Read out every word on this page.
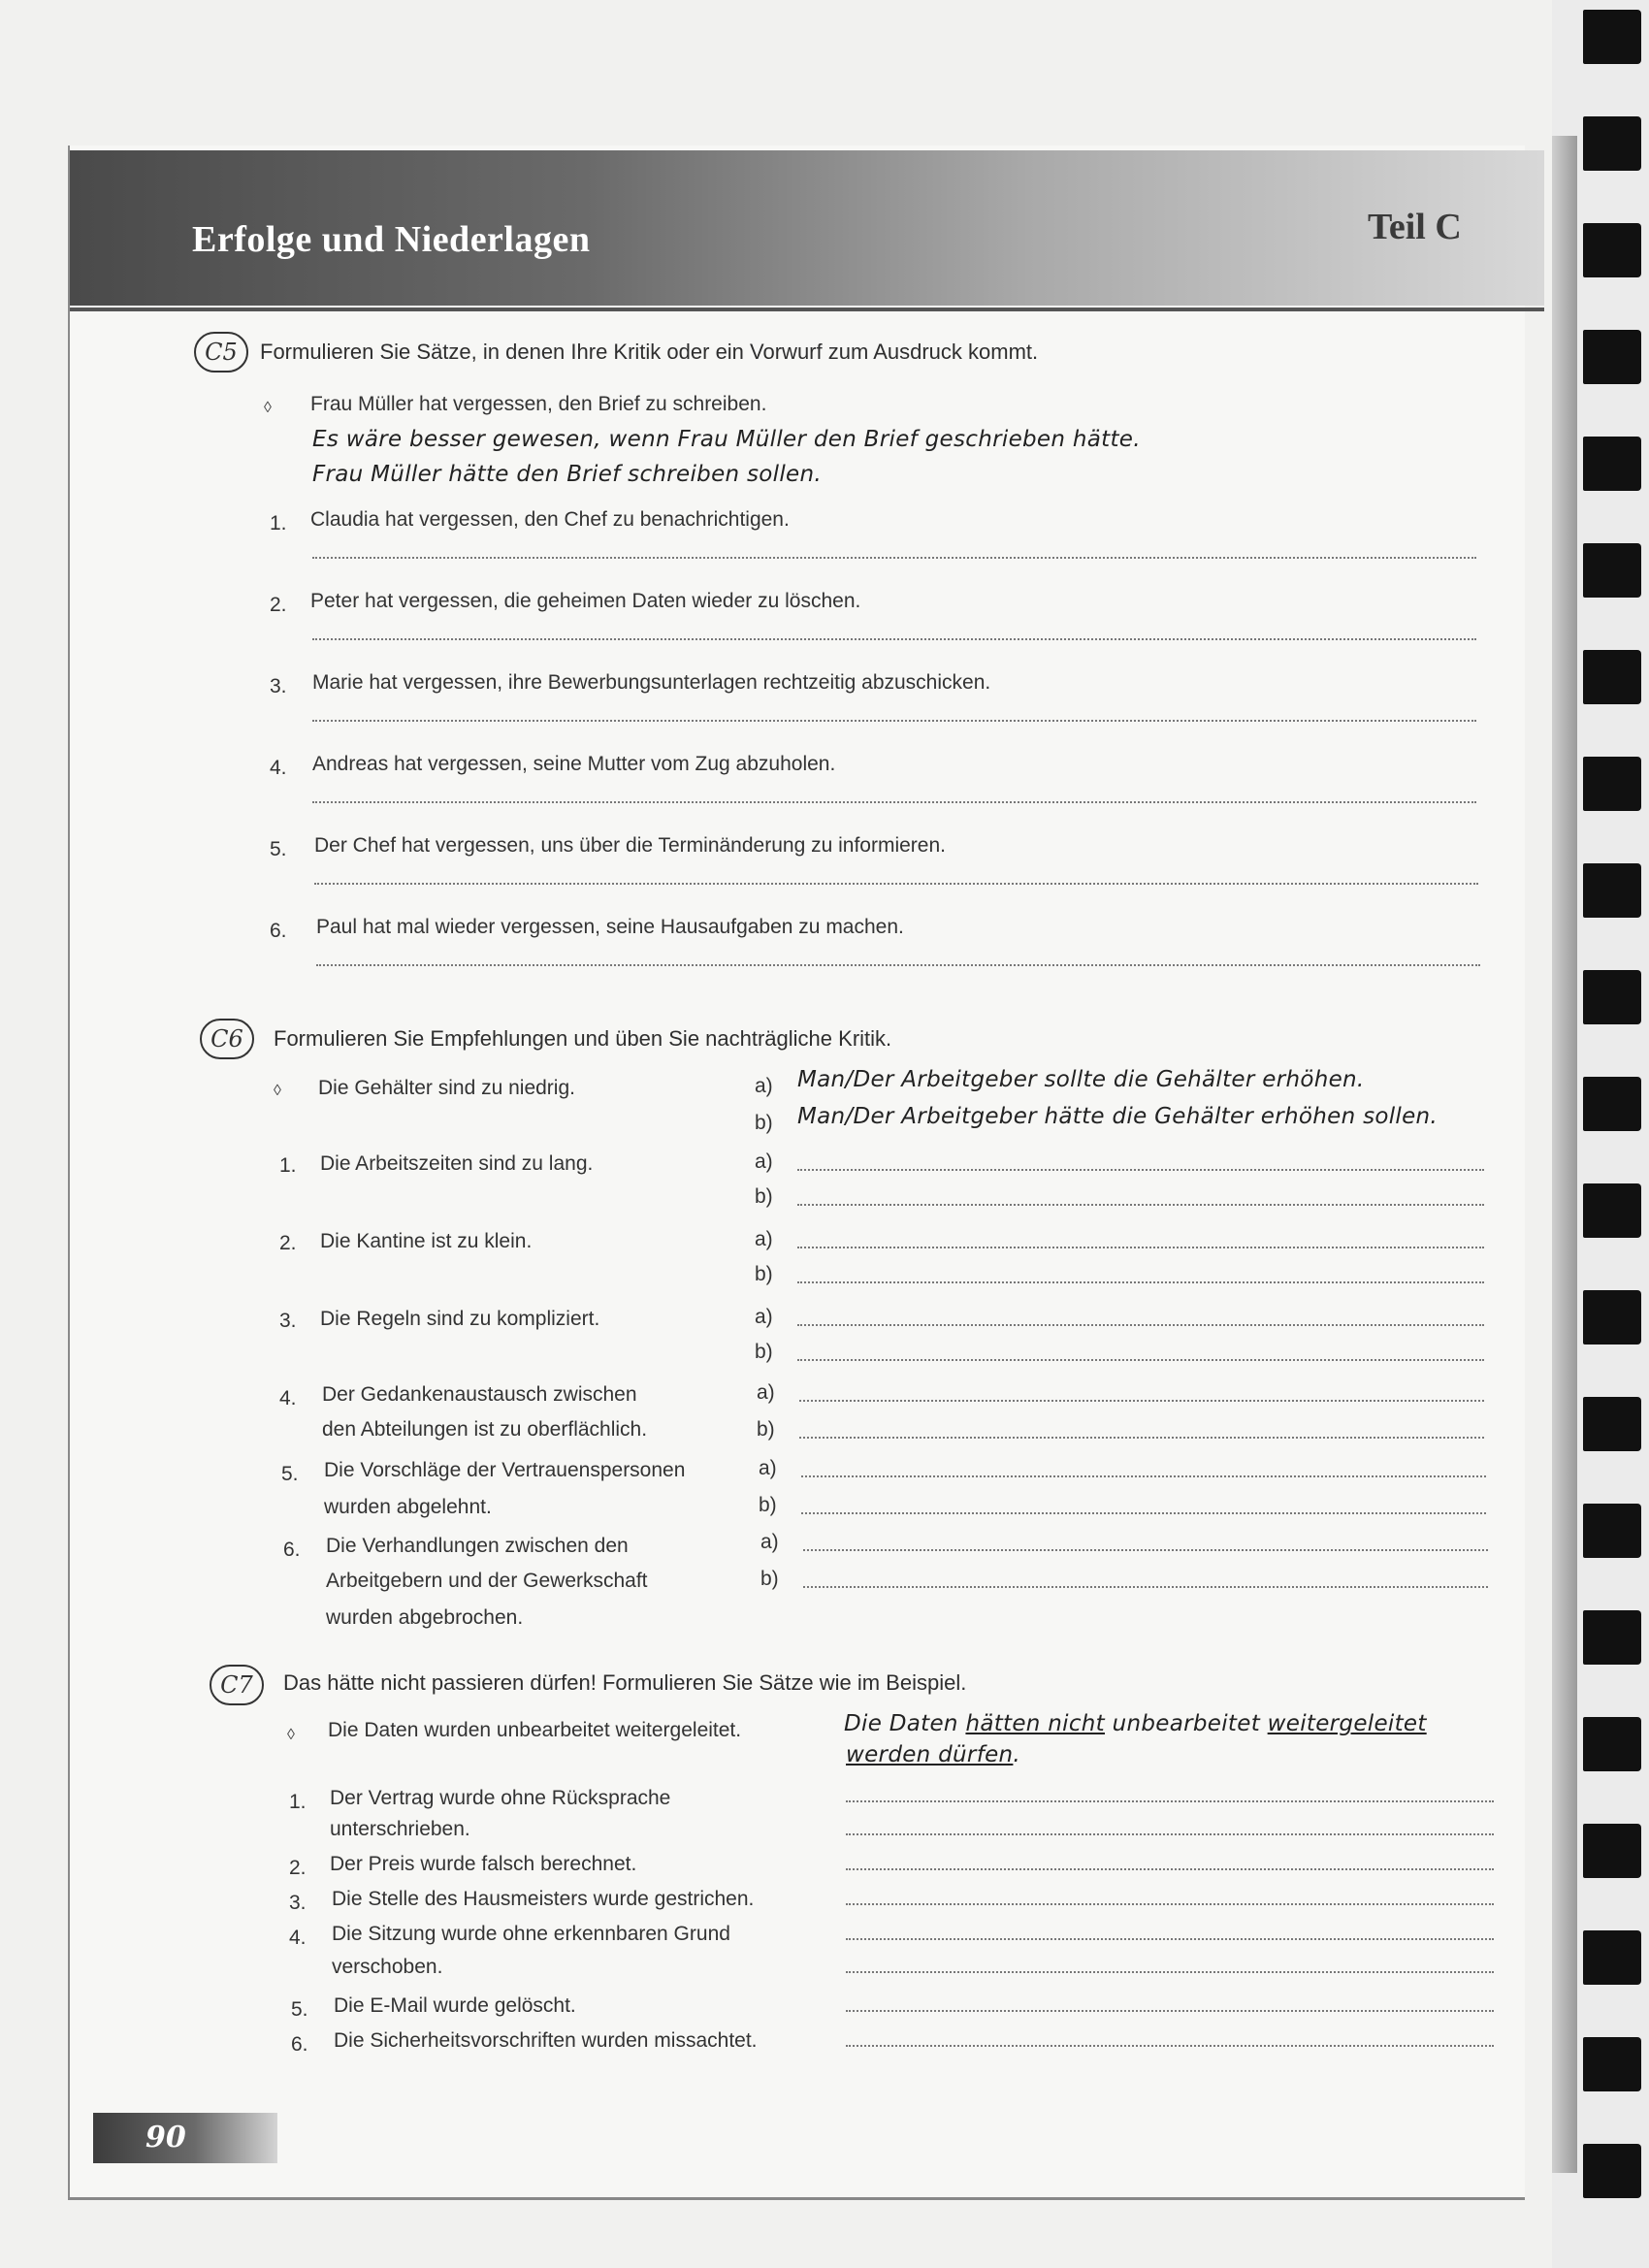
Erfolge und Niederlagen	Teil C
C5	Formulieren Sie Sätze, in denen Ihre Kritik oder ein Vorwurf zum Ausdruck kommt.
◊ Frau Müller hat vergessen, den Brief zu schreiben.
Es wäre besser gewesen, wenn Frau Müller den Brief geschrieben hätte.
Frau Müller hätte den Brief schreiben sollen.
1. Claudia hat vergessen, den Chef zu benachrichtigen.
2. Peter hat vergessen, die geheimen Daten wieder zu löschen.
3. Marie hat vergessen, ihre Bewerbungsunterlagen rechtzeitig abzuschicken.
4. Andreas hat vergessen, seine Mutter vom Zug abzuholen.
5. Der Chef hat vergessen, uns über die Terminänderung zu informieren.
6. Paul hat mal wieder vergessen, seine Hausaufgaben zu machen.
C6	Formulieren Sie Empfehlungen und üben Sie nachträgliche Kritik.
◊ Die Gehälter sind zu niedrig.	a) Man/Der Arbeitgeber sollte die Gehälter erhöhen.
b) Man/Der Arbeitgeber hätte die Gehälter erhöhen sollen.
1. Die Arbeitszeiten sind zu lang.	a)
b)
2. Die Kantine ist zu klein.	a)
b)
3. Die Regeln sind zu kompliziert.	a)
b)
4. Der Gedankenaustausch zwischen
den Abteilungen ist zu oberflächlich.
a)
b)
5. Die Vorschläge der Vertrauenspersonen
wurden abgelehnt.
a)
b)
6. Die Verhandlungen zwischen den
Arbeitgebern und der Gewerkschaft
wurden abgebrochen.
a)
b)
C7	Das hätte nicht passieren dürfen! Formulieren Sie Sätze wie im Beispiel.
◊ Die Daten wurden unbearbeitet weitergeleitet.	Die Daten hätten nicht unbearbeitet weitergeleitet
werden dürfen.
1. Der Vertrag wurde ohne Rücksprache
unterschrieben.
2. Der Preis wurde falsch berechnet.
3. Die Stelle des Hausmeisters wurde gestrichen.
4. Die Sitzung wurde ohne erkennbaren Grund
verschoben.
5. Die E-Mail wurde gelöscht.
6. Die Sicherheitsvorschriften wurden missachtet.
90
